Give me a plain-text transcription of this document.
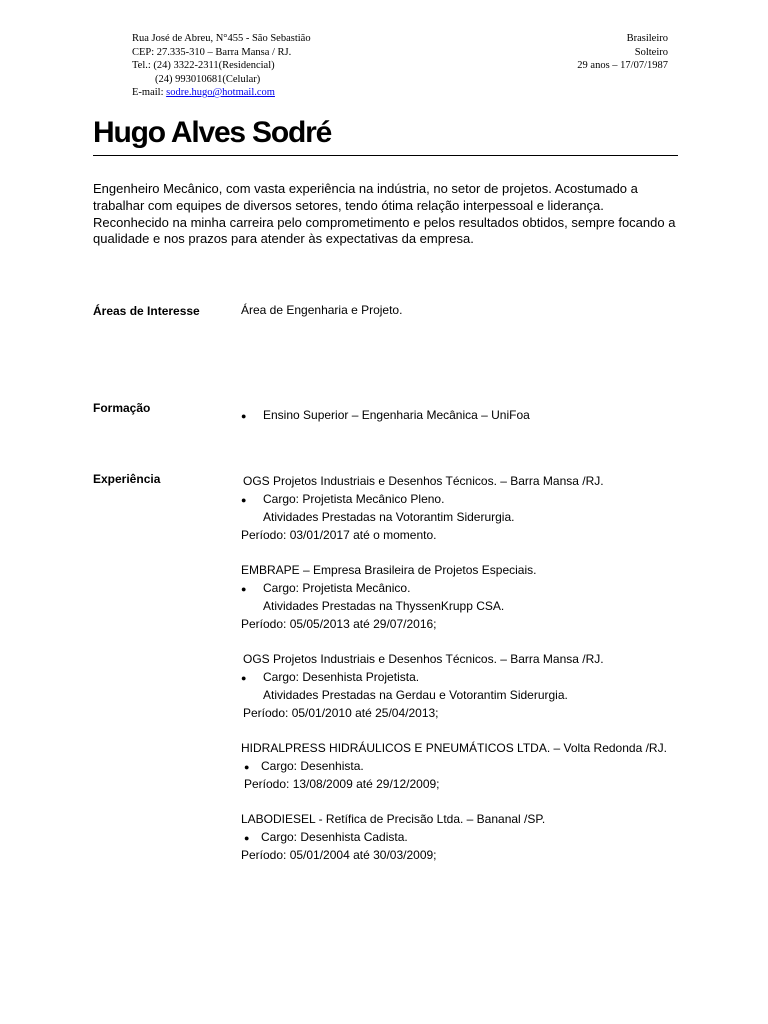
Rua José de Abreu, N°455 - São Sebastião
CEP: 27.335-310 – Barra Mansa / RJ.
Tel.: (24) 3322-2311(Residencial)
(24) 993010681(Celular)
E-mail: sodre.hugo@hotmail.com
Brasileiro
Solteiro
29 anos – 17/07/1987
Hugo Alves Sodré
Engenheiro Mecânico, com vasta experiência na indústria, no setor de projetos. Acostumado a
trabalhar com equipes de diversos setores, tendo ótima relação interpessoal e liderança.
Reconhecido na minha carreira pelo comprometimento e pelos resultados obtidos, sempre focando a
qualidade e nos prazos para atender às expectativas da empresa.
Áreas de Interesse	Área de Engenharia e Projeto.
Formação
● Ensino Superior – Engenharia Mecânica – UniFoa
Experiência	OGS Projetos Industriais e Desenhos Técnicos. – Barra Mansa /RJ.
● Cargo: Projetista Mecânico Pleno.
Atividades Prestadas na Votorantim Siderurgia.
Período: 03/01/2017 até o momento.
EMBRAPE – Empresa Brasileira de Projetos Especiais.
● Cargo: Projetista Mecânico.
Atividades Prestadas na ThyssenKrupp CSA.
Período: 05/05/2013 até 29/07/2016;
OGS Projetos Industriais e Desenhos Técnicos. – Barra Mansa /RJ.
● Cargo: Desenhista Projetista.
Atividades Prestadas na Gerdau e Votorantim Siderurgia.
Período: 05/01/2010 até 25/04/2013;
HIDRALPRESS HIDRÁULICOS E PNEUMÁTICOS LTDA. – Volta Redonda /RJ.
● Cargo: Desenhista.
Período: 13/08/2009 até 29/12/2009;
LABODIESEL - Retífica de Precisão Ltda. – Bananal /SP.
● Cargo: Desenhista Cadista.
Período: 05/01/2004 até 30/03/2009;
